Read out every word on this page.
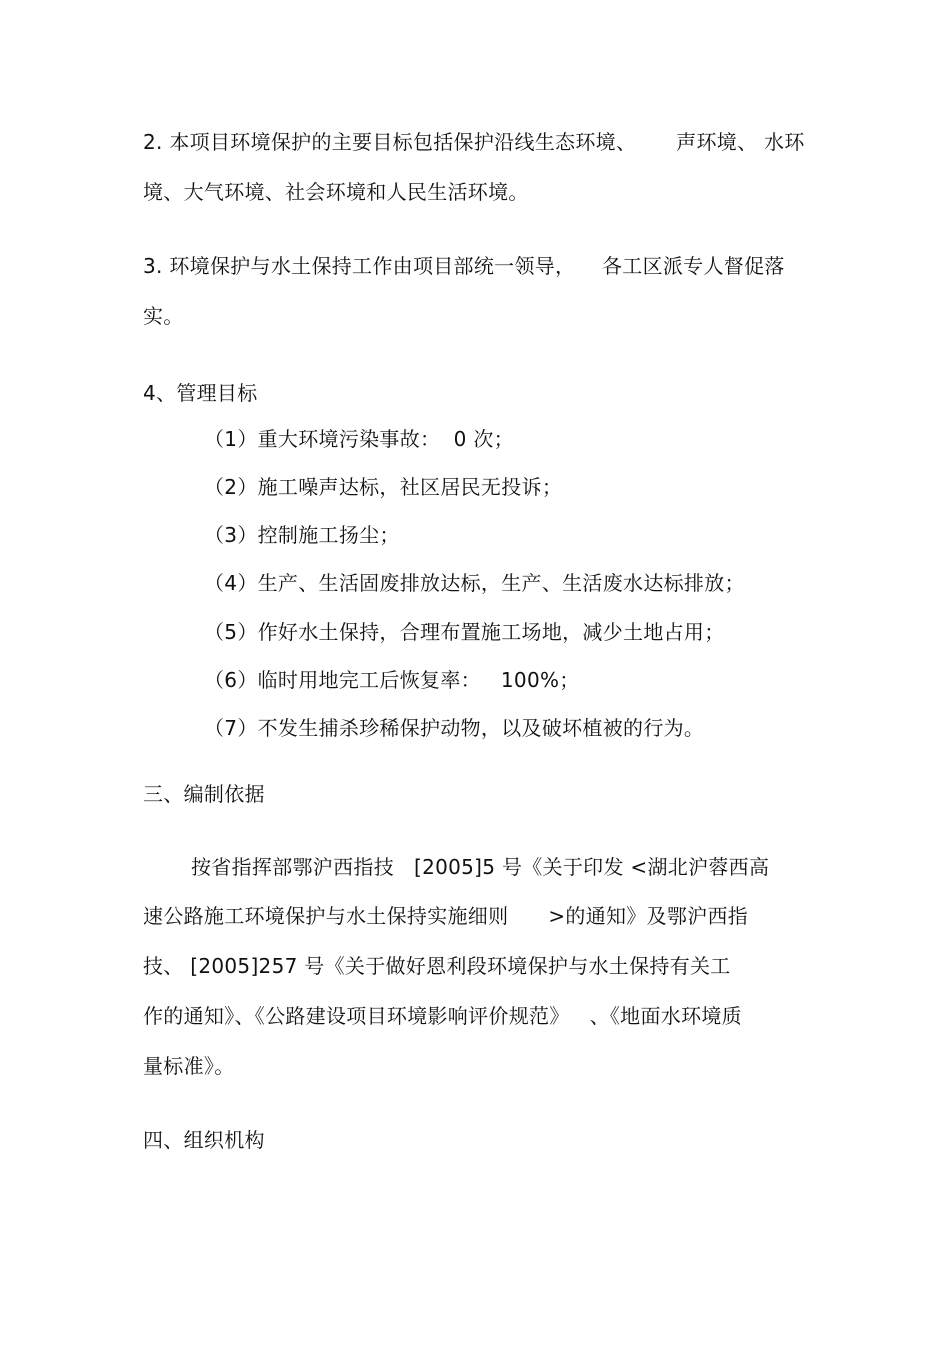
2. 本项目环境保护的主要目标包括保护沿线生态环境、      声环境、 水环
境、大气环境、社会环境和人民生活环境。
3. 环境保护与水土保持工作由项目部统一领导，    各工区派专人督促落
实。
4、管理目标
（1）重大环境污染事故：  0 次；
（2）施工噪声达标，社区居民无投诉；
（3）控制施工扬尘；
（4）生产、生活固废排放达标，生产、生活废水达标排放；
（5）作好水土保持，合理布置施工场地，减少土地占用；
（6）临时用地完工后恢复率：   100%；
（7）不发生捕杀珍稀保护动物，以及破坏植被的行为。
三、编制依据
按省指挥部鄂沪西指技   [2005]5 号《关于印发 <湖北沪蓉西高
速公路施工环境保护与水土保持实施细则      >的通知》及鄂沪西指
技、 [2005]257 号《关于做好恩利段环境保护与水土保持有关工
作的通知》、《公路建设项目环境影响评价规范》   、《地面水环境质
量标准》。
四、组织机构
